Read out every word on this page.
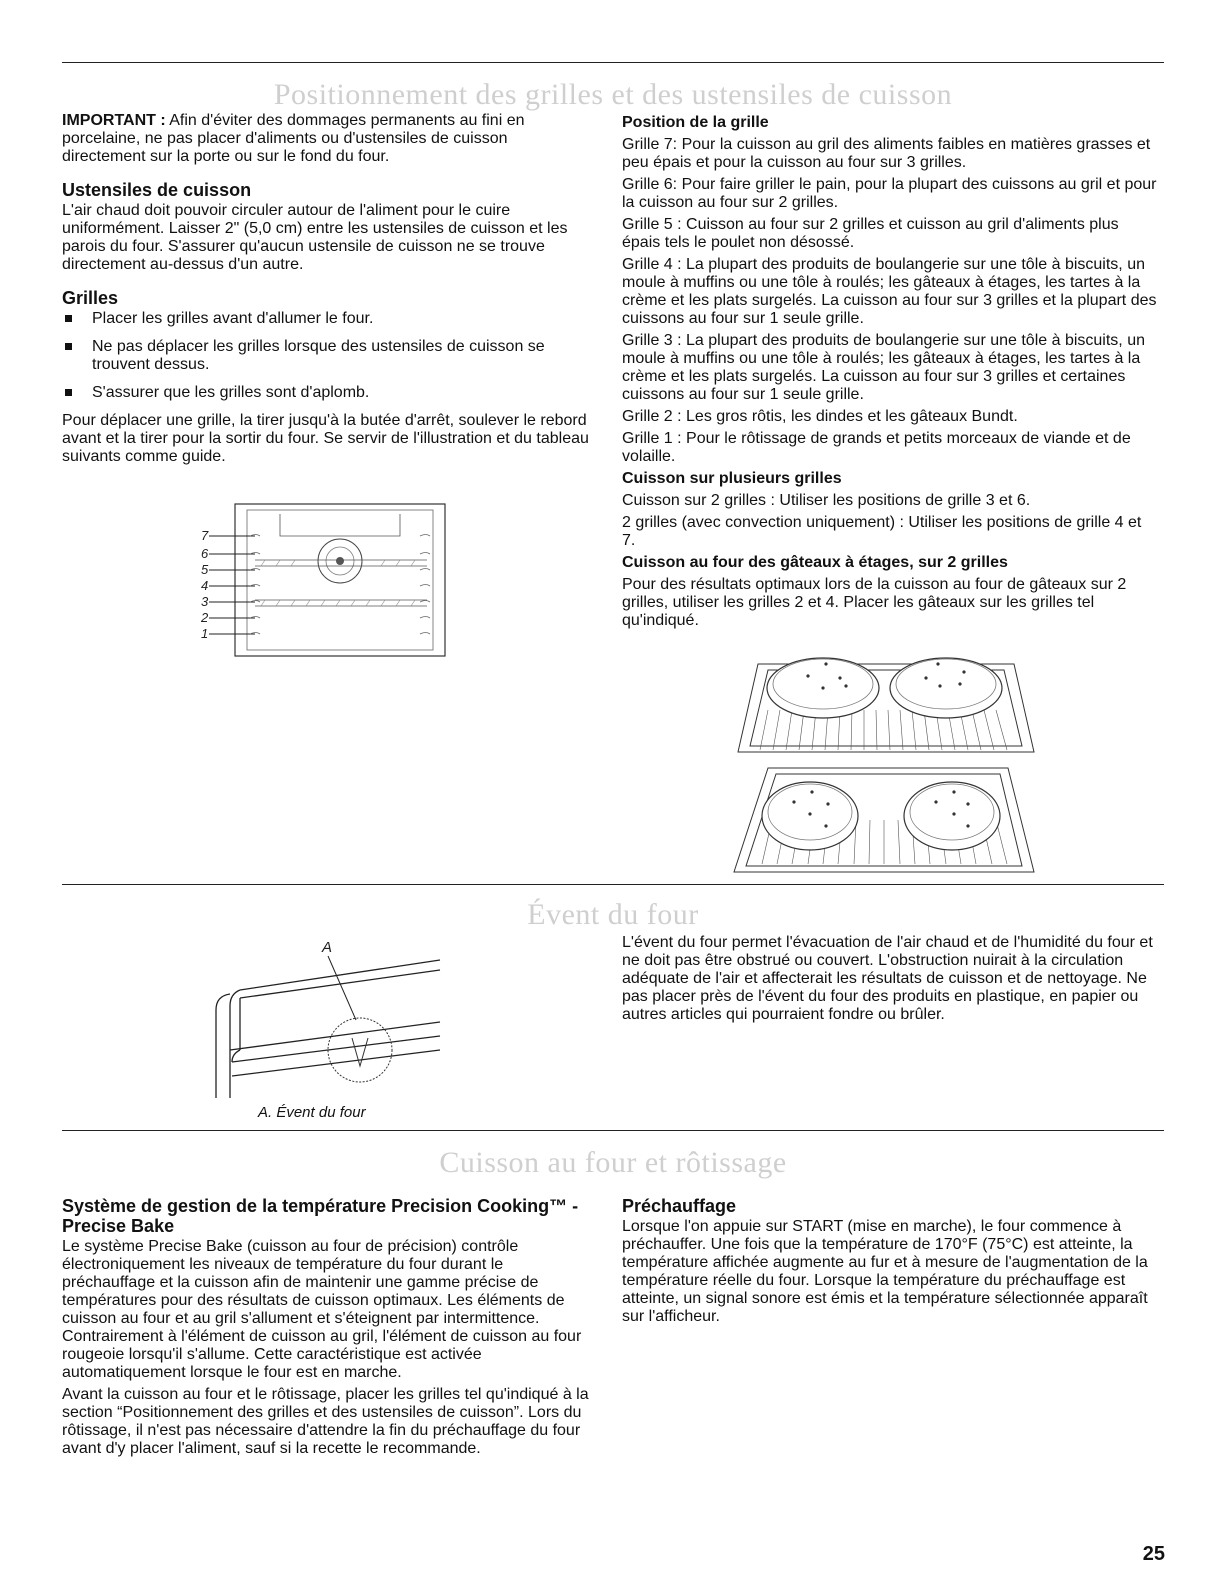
Positionnement des grilles et des ustensiles de cuisson

IMPORTANT : Afin d'éviter des dommages permanents au fini en porcelaine, ne pas placer d'aliments ou d'ustensiles de cuisson directement sur la porte ou sur le fond du four.

Ustensiles de cuisson

L'air chaud doit pouvoir circuler autour de l'aliment pour le cuire uniformément. Laisser 2" (5,0 cm) entre les ustensiles de cuisson et les parois du four. S'assurer qu'aucun ustensile de cuisson ne se trouve directement au-dessus d'un autre.

Grilles
Placer les grilles avant d'allumer le four.
Ne pas déplacer les grilles lorsque des ustensiles de cuisson se trouvent dessus.
S'assurer que les grilles sont d'aplomb.

Pour déplacer une grille, la tirer jusqu'à la butée d'arrêt, soulever le rebord avant et la tirer pour la sortir du four. Se servir de l'illustration et du tableau suivants comme guide.

7
6
5
4
3
2
1
Position de la grille

Grille 7: Pour la cuisson au gril des aliments faibles en matières grasses et peu épais et pour la cuisson au four sur 3 grilles.

Grille 6: Pour faire griller le pain, pour la plupart des cuissons au gril et pour la cuisson au four sur 2 grilles.

Grille 5 : Cuisson au four sur 2 grilles et cuisson au gril d'aliments plus épais tels le poulet non désossé.

Grille 4 : La plupart des produits de boulangerie sur une tôle à biscuits, un moule à muffins ou une tôle à roulés; les gâteaux à étages, les tartes à la crème et les plats surgelés. La cuisson au four sur 3 grilles et la plupart des cuissons au four sur 1 seule grille.

Grille 3 : La plupart des produits de boulangerie sur une tôle à biscuits, un moule à muffins ou une tôle à roulés; les gâteaux à étages, les tartes à la crème et les plats surgelés. La cuisson au four sur 3 grilles et certaines cuissons au four sur 1 seule grille.

Grille 2 : Les gros rôtis, les dindes et les gâteaux Bundt.

Grille 1 : Pour le rôtissage de grands et petits morceaux de viande et de volaille.

Cuisson sur plusieurs grilles

Cuisson sur 2 grilles : Utiliser les positions de grille 3 et 6.

2 grilles (avec convection uniquement) : Utiliser les positions de grille 4 et 7.

Cuisson au four des gâteaux à étages, sur 2 grilles

Pour des résultats optimaux lors de la cuisson au four de gâteaux sur 2 grilles, utiliser les grilles 2 et 4. Placer les gâteaux sur les grilles tel qu'indiqué.

Évent du four
A
A. Évent du four

L'évent du four permet l'évacuation de l'air chaud et de l'humidité du four et ne doit pas être obstrué ou couvert. L'obstruction nuirait à la circulation adéquate de l'air et affecterait les résultats de cuisson et de nettoyage. Ne pas placer près de l'évent du four des produits en plastique, en papier ou autres articles qui pourraient fondre ou brûler.

Cuisson au four et rôtissage
Système de gestion de la température Precision Cooking™ - Precise Bake

Le système Precise Bake (cuisson au four de précision) contrôle électroniquement les niveaux de température du four durant le préchauffage et la cuisson afin de maintenir une gamme précise de températures pour des résultats de cuisson optimaux. Les éléments de cuisson au four et au gril s'allument et s'éteignent par intermittence. Contrairement à l'élément de cuisson au gril, l'élément de cuisson au four rougeoie lorsqu'il s'allume. Cette caractéristique est activée automatiquement lorsque le four est en marche.

Avant la cuisson au four et le rôtissage, placer les grilles tel qu'indiqué à la section “Positionnement des grilles et des ustensiles de cuisson”. Lors du rôtissage, il n'est pas nécessaire d'attendre la fin du préchauffage du four avant d'y placer l'aliment, sauf si la recette le recommande.

Préchauffage

Lorsque l'on appuie sur START (mise en marche), le four commence à préchauffer. Une fois que la température de 170°F (75°C) est atteinte, la température affichée augmente au fur et à mesure de l'augmentation de la température réelle du four. Lorsque la température du préchauffage est atteinte, un signal sonore est émis et la température sélectionnée apparaît sur l'afficheur.

25
